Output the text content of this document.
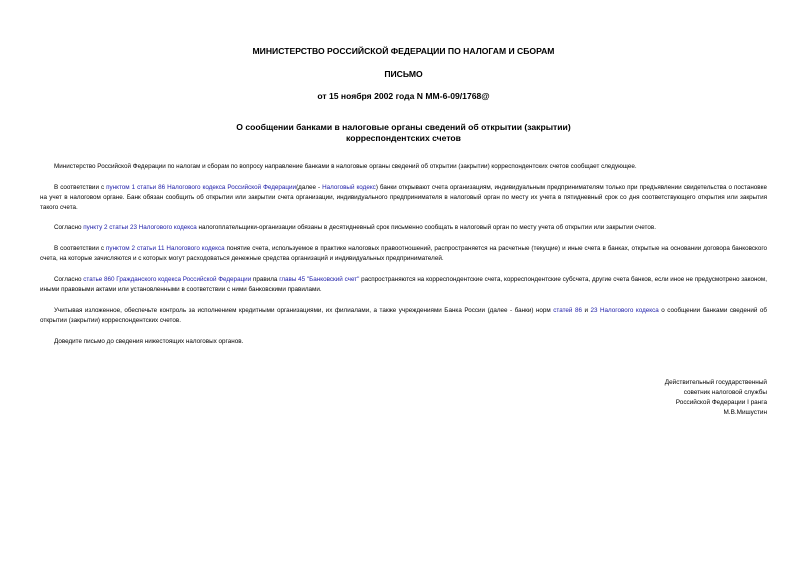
МИНИСТЕРСТВО РОССИЙСКОЙ ФЕДЕРАЦИИ ПО НАЛОГАМ И СБОРАМ
ПИСЬМО
от 15 ноября 2002 года N ММ-6-09/1768@
О сообщении банками в налоговые органы сведений об открытии (закрытии)
корреспондентских счетов
Министерство Российской Федерации по налогам и сборам по вопросу направление банками в налоговые органы сведений об открытии (закрытии) корреспондентских счетов сообщает следующее.
В соответствии с пунктом 1 статьи 86 Налогового кодекса Российской Федерации(далее - Налоговый кодекс) банки открывают счета организациям, индивидуальным предпринимателям только при предъявлении свидетельства о постановке на учет в налоговом органе. Банк обязан сообщить об открытии или закрытии счета организации, индивидуального предпринимателя в налоговый орган по месту их учета в пятидневный срок со дня соответствующего открытия или закрытия такого счета.
Согласно пункту 2 статьи 23 Налогового кодекса налогоплательщики-организации обязаны в десятидневный срок письменно сообщать в налоговый орган по месту учета об открытии или закрытии счетов.
В соответствии с пунктом 2 статьи 11 Налогового кодекса понятие счета, используемое в практике налоговых правоотношений, распространяется на расчетные (текущие) и иные счета в банках, открытые на основании договора банковского счета, на которые зачисляются и с которых могут расходоваться денежные средства организаций и индивидуальных предпринимателей.
Согласно статье 860 Гражданского кодекса Российской Федерации правила главы 45 "Банковский счет" распространяются на корреспондентские счета, корреспондентские субсчета, другие счета банков, если иное не предусмотрено законом, иными правовыми актами или установленными в соответствии с ними банковскими правилами.
Учитывая изложенное, обеспечьте контроль за исполнением кредитными организациями, их филиалами, а также учреждениями Банка России (далее - банки) норм статей 86 и 23 Налогового кодекса о сообщении банками сведений об открытии (закрытии) корреспондентских счетов.
Доведите письмо до сведения нижестоящих налоговых органов.
Действительный государственный
советник налоговой службы
Российской Федерации I ранга
М.В.Мишустин
